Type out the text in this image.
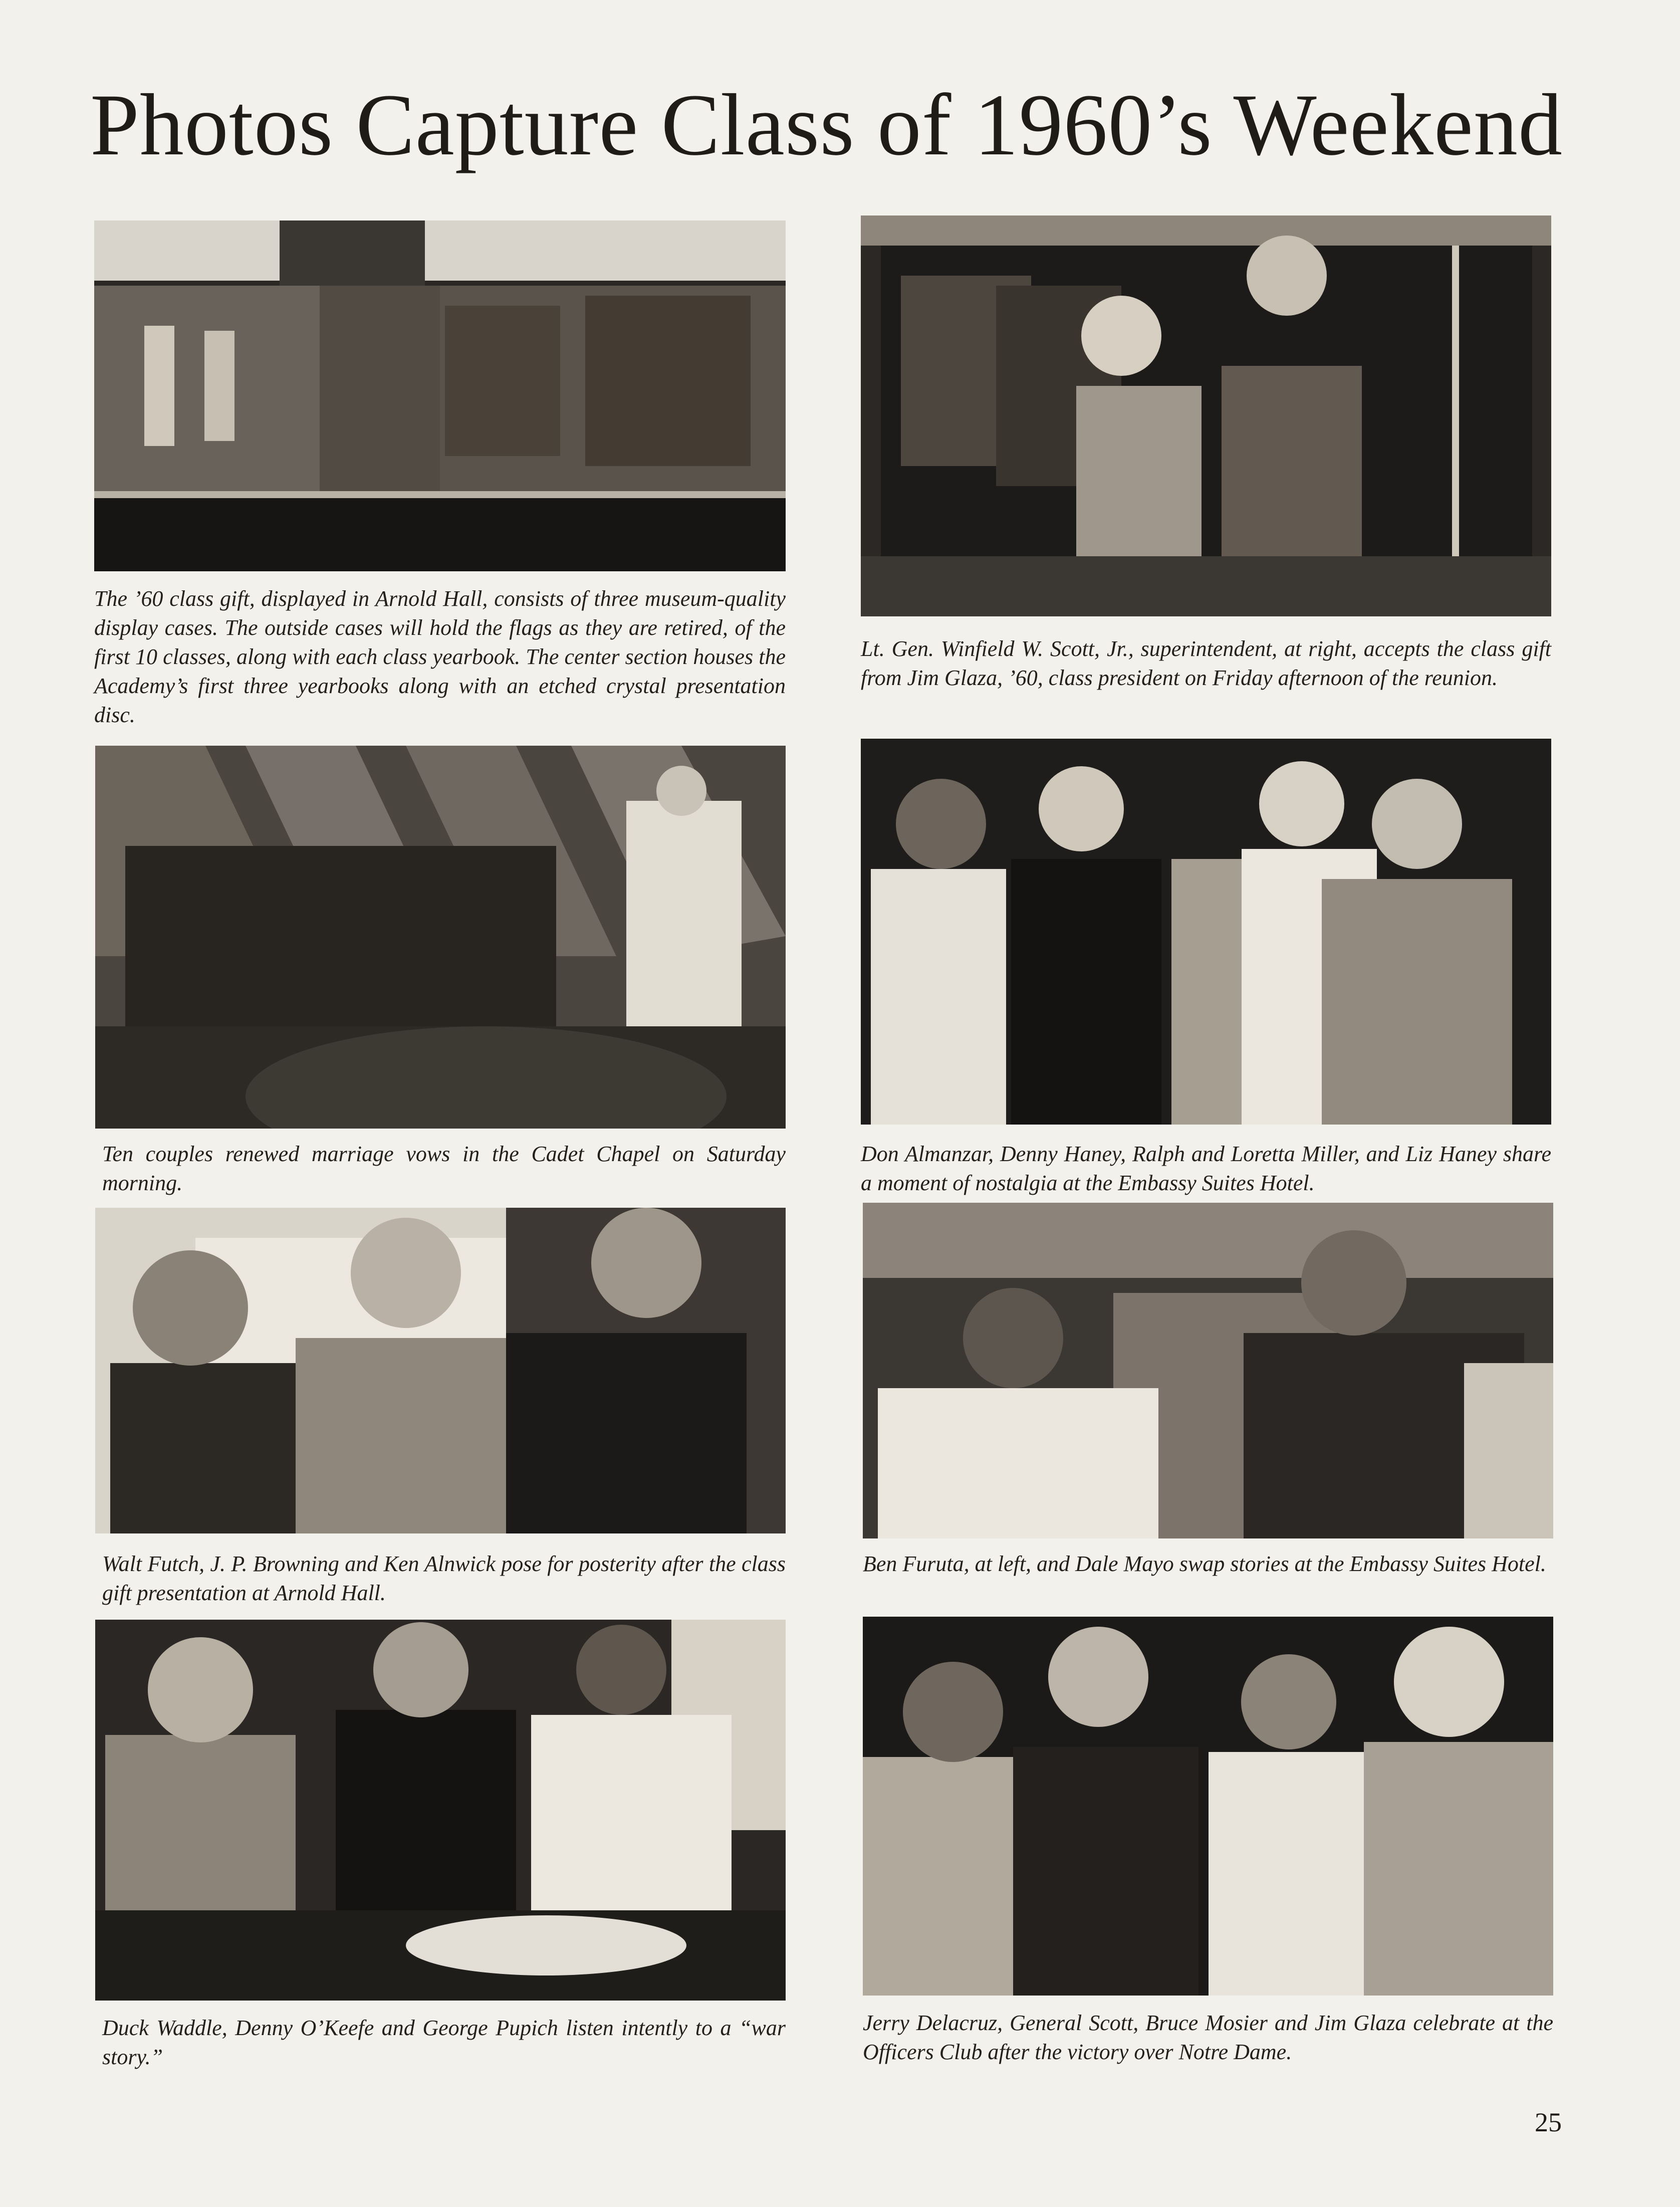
Photos Capture Class of 1960’s Weekend
The ’60 class gift, displayed in Arnold Hall, consists of three museum-quality display cases. The outside cases will hold the flags as they are retired, of the first 10 classes, along with each class yearbook. The center section houses the Academy’s first three yearbooks along with an etched crystal presentation disc.
Lt. Gen. Winfield W. Scott, Jr., superintendent, at right, accepts the class gift from Jim Glaza, ’60, class president on Friday afternoon of the reunion.
Ten couples renewed marriage vows in the Cadet Chapel on Saturday morning.
Don Almanzar, Denny Haney, Ralph and Loretta Miller, and Liz Haney share a moment of nostalgia at the Embassy Suites Hotel.
Walt Futch, J. P. Browning and Ken Alnwick pose for posterity after the class gift presentation at Arnold Hall.
Ben Furuta, at left, and Dale Mayo swap stories at the Embassy Suites Hotel.
Duck Waddle, Denny O’Keefe and George Pupich listen intently to a “war story.”
Jerry Delacruz, General Scott, Bruce Mosier and Jim Glaza celebrate at the Officers Club after the victory over Notre Dame.
25
